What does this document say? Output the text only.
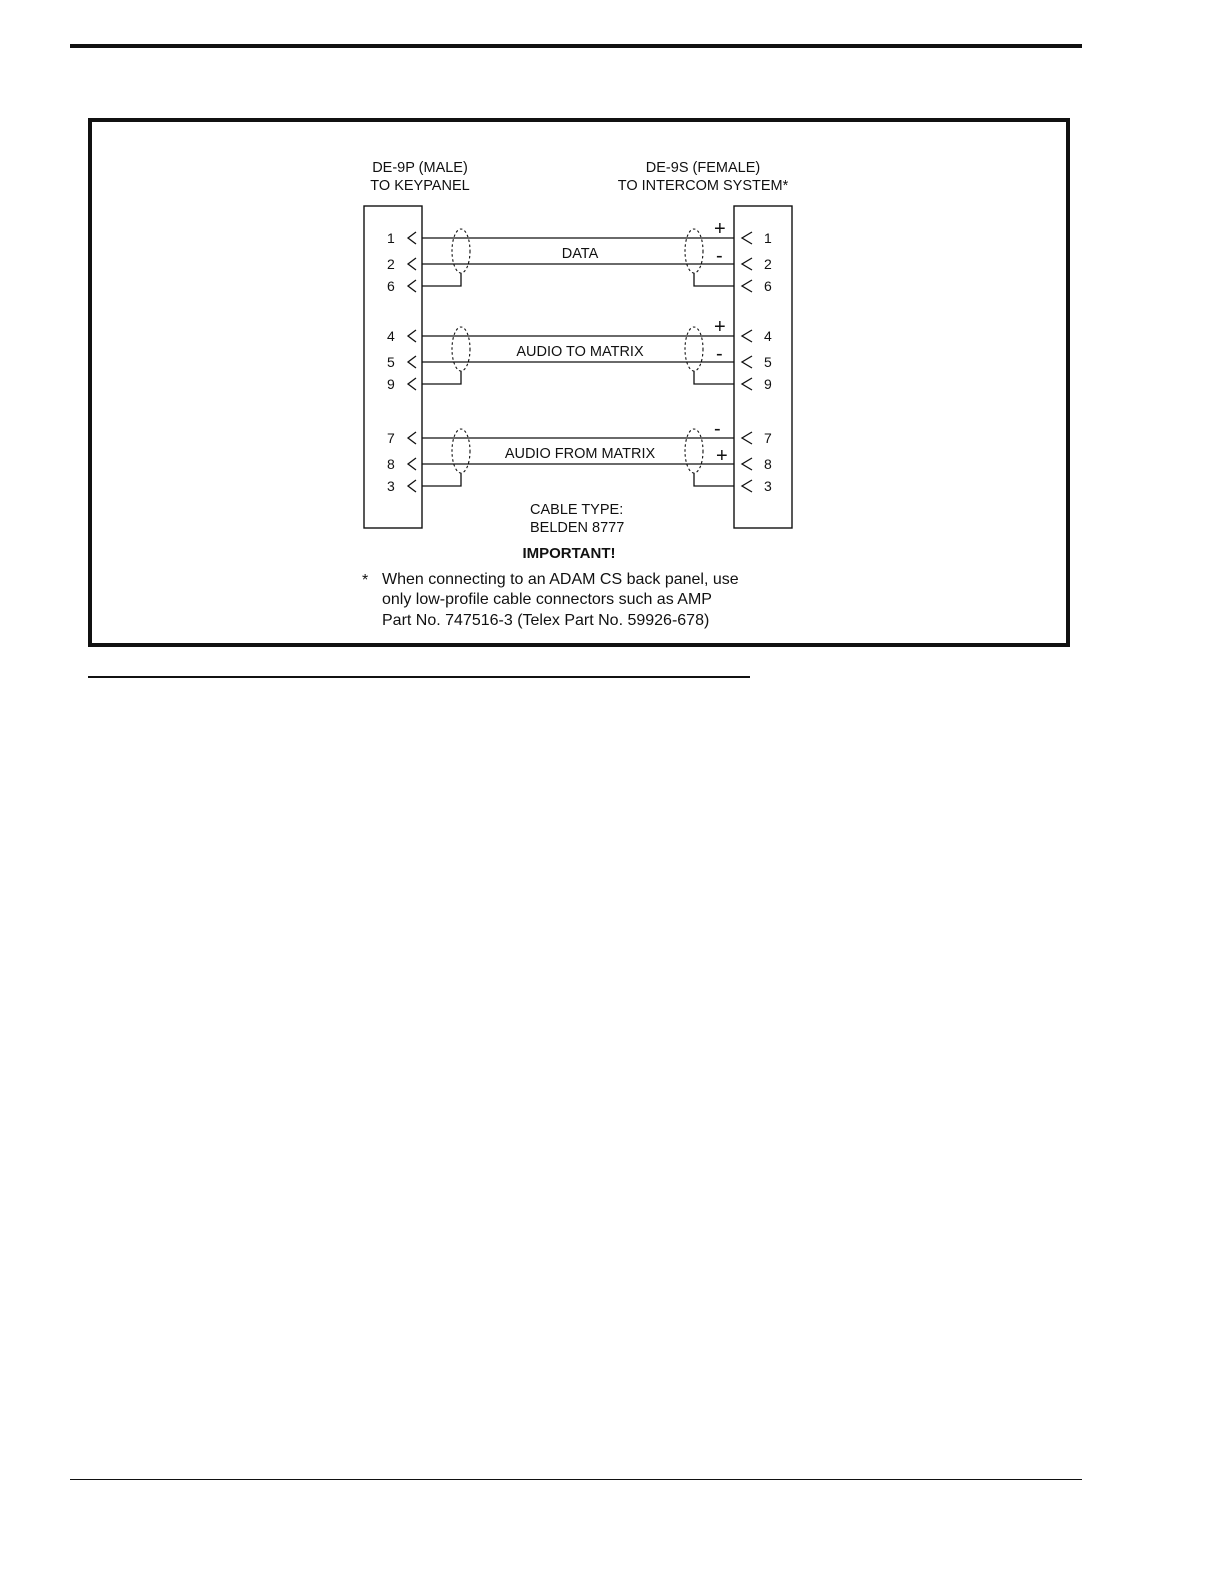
DE-9P (MALE)
TO KEYPANEL
DE-9S (FEMALE)
TO INTERCOM SYSTEM*
1	1
2	2
6	6
DATA
+
-
4	4
5	5
9	9
AUDIO TO MATRIX
+
-
7	7
8	8
3	3
AUDIO FROM MATRIX
-
+
CABLE TYPE:
BELDEN 8777
IMPORTANT!
* When connecting to an ADAM CS back panel, use
only low-profile cable connectors such as AMP
Part No. 747516-3 (Telex Part No. 59926-678)
